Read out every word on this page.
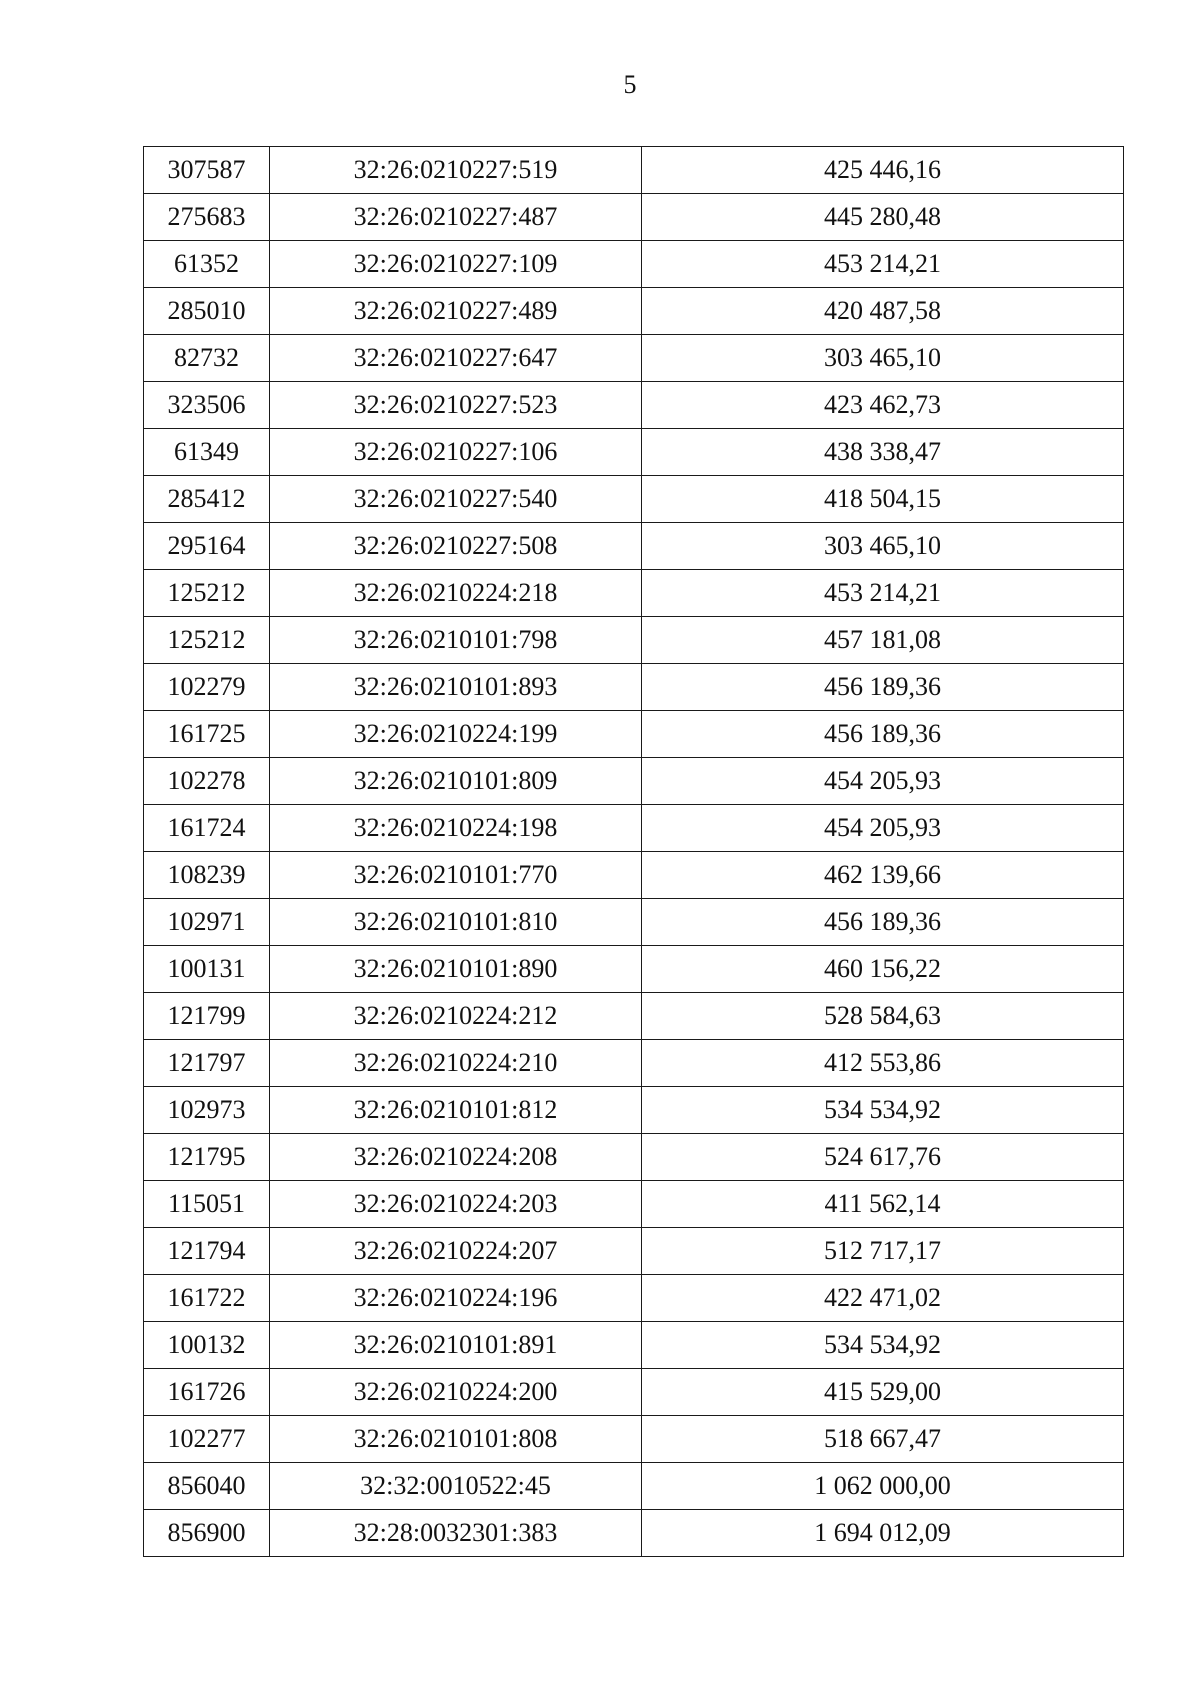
5
307587	32:26:0210227:519	425 446,16
275683	32:26:0210227:487	445 280,48
61352	32:26:0210227:109	453 214,21
285010	32:26:0210227:489	420 487,58
82732	32:26:0210227:647	303 465,10
323506	32:26:0210227:523	423 462,73
61349	32:26:0210227:106	438 338,47
285412	32:26:0210227:540	418 504,15
295164	32:26:0210227:508	303 465,10
125212	32:26:0210224:218	453 214,21
125212	32:26:0210101:798	457 181,08
102279	32:26:0210101:893	456 189,36
161725	32:26:0210224:199	456 189,36
102278	32:26:0210101:809	454 205,93
161724	32:26:0210224:198	454 205,93
108239	32:26:0210101:770	462 139,66
102971	32:26:0210101:810	456 189,36
100131	32:26:0210101:890	460 156,22
121799	32:26:0210224:212	528 584,63
121797	32:26:0210224:210	412 553,86
102973	32:26:0210101:812	534 534,92
121795	32:26:0210224:208	524 617,76
115051	32:26:0210224:203	411 562,14
121794	32:26:0210224:207	512 717,17
161722	32:26:0210224:196	422 471,02
100132	32:26:0210101:891	534 534,92
161726	32:26:0210224:200	415 529,00
102277	32:26:0210101:808	518 667,47
856040	32:32:0010522:45	1 062 000,00
856900	32:28:0032301:383	1 694 012,09
